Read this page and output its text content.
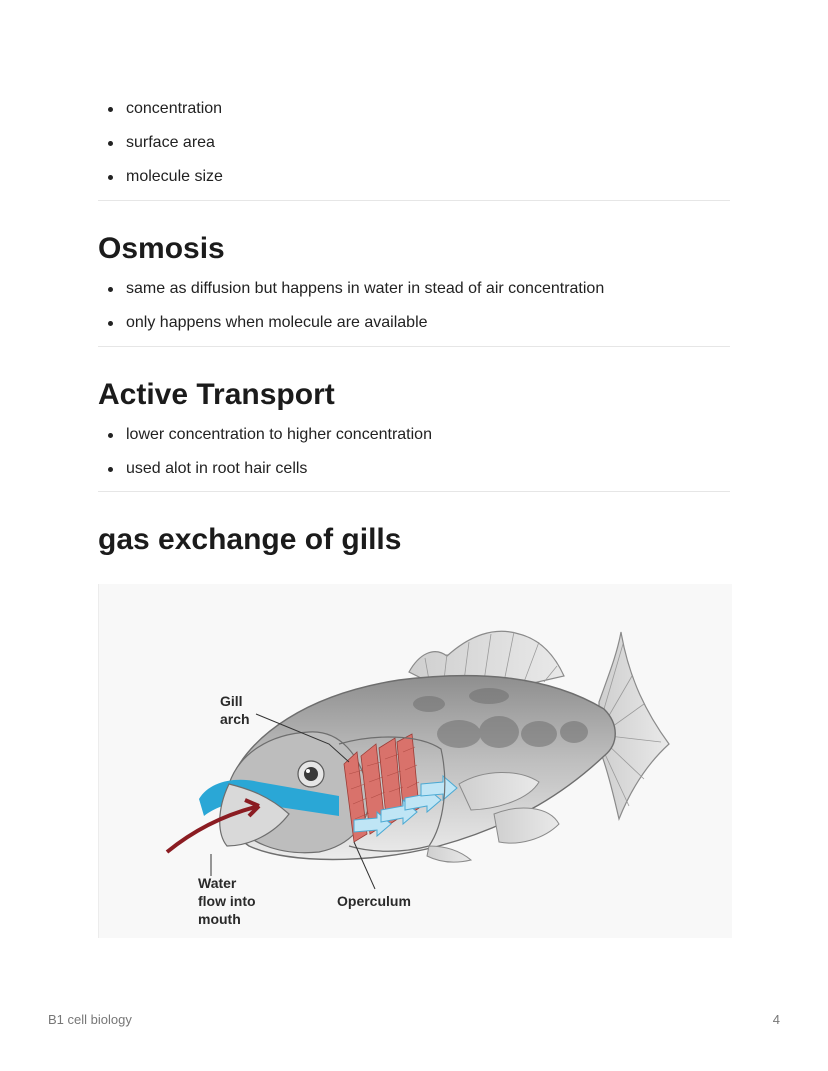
concentration
surface area
molecule size
Osmosis
same as diffusion but happens in water in stead of air concentration
only happens when molecule are available
Active Transport
lower concentration to higher concentration
used alot in root hair cells
gas exchange of gills
Gill
arch
Water
flow into
mouth
Operculum
B1 cell biology	4
